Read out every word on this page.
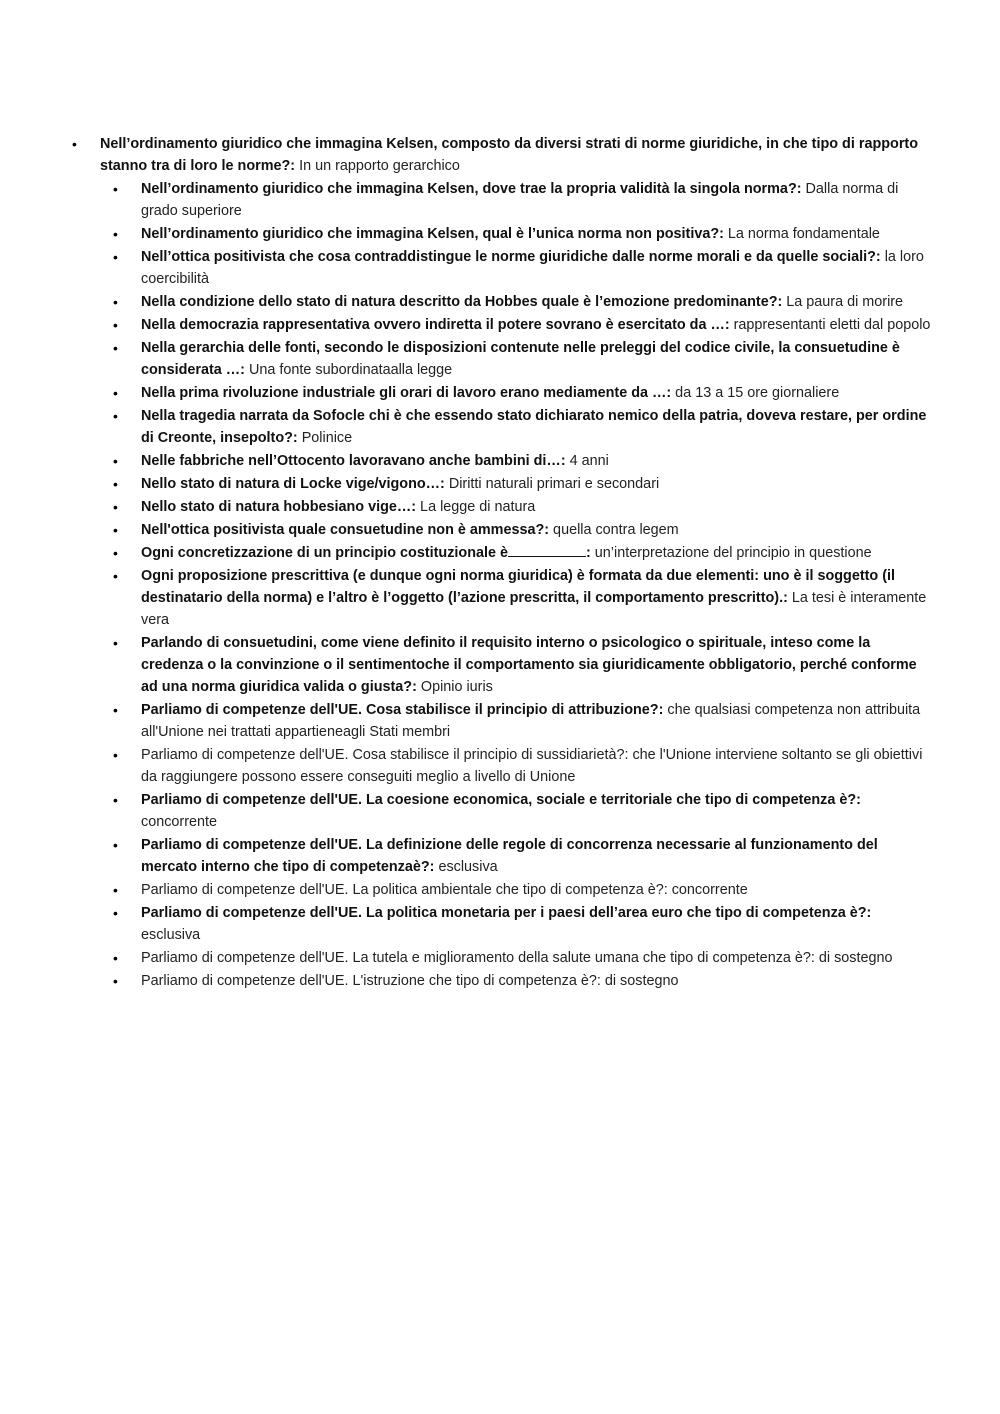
• Nell’ordinamento giuridico che immagina Kelsen, composto da diversi strati di norme giuridiche, in che tipo di rapporto stanno tra di loro le norme?: In un rapporto gerarchico
• Nell’ordinamento giuridico che immagina Kelsen, dove trae la propria validità la singola norma?: Dalla norma di grado superiore
• Nell’ordinamento giuridico che immagina Kelsen, qual è l’unica norma non positiva?: La norma fondamentale
• Nell’ottica positivista che cosa contraddistingue le norme giuridiche dalle norme morali e da quelle sociali?: la loro coercibilità
• Nella condizione dello stato di natura descritto da Hobbes quale è l’emozione predominante?: La paura di morire
• Nella democrazia rappresentativa ovvero indiretta il potere sovrano è esercitato da …: rappresentanti eletti dal popolo
• Nella gerarchia delle fonti, secondo le disposizioni contenute nelle preleggi del codice civile, la consuetudine è considerata …: Una fonte subordinataalla legge
• Nella prima rivoluzione industriale gli orari di lavoro erano mediamente da …: da 13 a 15 ore giornaliere
• Nella tragedia narrata da Sofocle chi è che essendo stato dichiarato nemico della patria, doveva restare, per ordine di Creonte, insepolto?: Polinice
• Nelle fabbriche nell’Ottocento lavoravano anche bambini di…: 4 anni
• Nello stato di natura di Locke vige/vigono…: Diritti naturali primari e secondari
• Nello stato di natura hobbesiano vige…: La legge di natura
• Nell'ottica positivista quale consuetudine non è ammessa?: quella contra legem
• Ogni concretizzazione di un principio costituzionale è	: un’interpretazione del principio in questione
• Ogni proposizione prescrittiva (e dunque ogni norma giuridica) è formata da due elementi: uno è il soggetto (il destinatario della norma) e l’altro è l’oggetto (l’azione prescritta, il comportamento prescritto).: La tesi è interamente vera
• Parlando di consuetudini, come viene definito il requisito interno o psicologico o spirituale, inteso come la credenza o la convinzione o il sentimentoche il comportamento sia giuridicamente obbligatorio, perché conforme ad una norma giuridica valida o giusta?: Opinio iuris
• Parliamo di competenze dell'UE. Cosa stabilisce il principio di attribuzione?: che qualsiasi competenza non attribuita all'Unione nei trattati appartieneagli Stati membri
• Parliamo di competenze dell'UE. Cosa stabilisce il principio di sussidiarietà?: che l'Unione interviene soltanto se gli obiettivi da raggiungere possono essere conseguiti meglio a livello di Unione
• Parliamo di competenze dell'UE. La coesione economica, sociale e territoriale che tipo di competenza è?: concorrente
• Parliamo di competenze dell'UE. La definizione delle regole di concorrenza necessarie al funzionamento del mercato interno che tipo di competenzaè?: esclusiva
• Parliamo di competenze dell'UE. La politica ambientale che tipo di competenza è?: concorrente
• Parliamo di competenze dell'UE. La politica monetaria per i paesi dell’area euro che tipo di competenza è?: esclusiva
• Parliamo di competenze dell'UE. La tutela e miglioramento della salute umana che tipo di competenza è?: di sostegno
• Parliamo di competenze dell'UE. L'istruzione che tipo di competenza è?: di sostegno
